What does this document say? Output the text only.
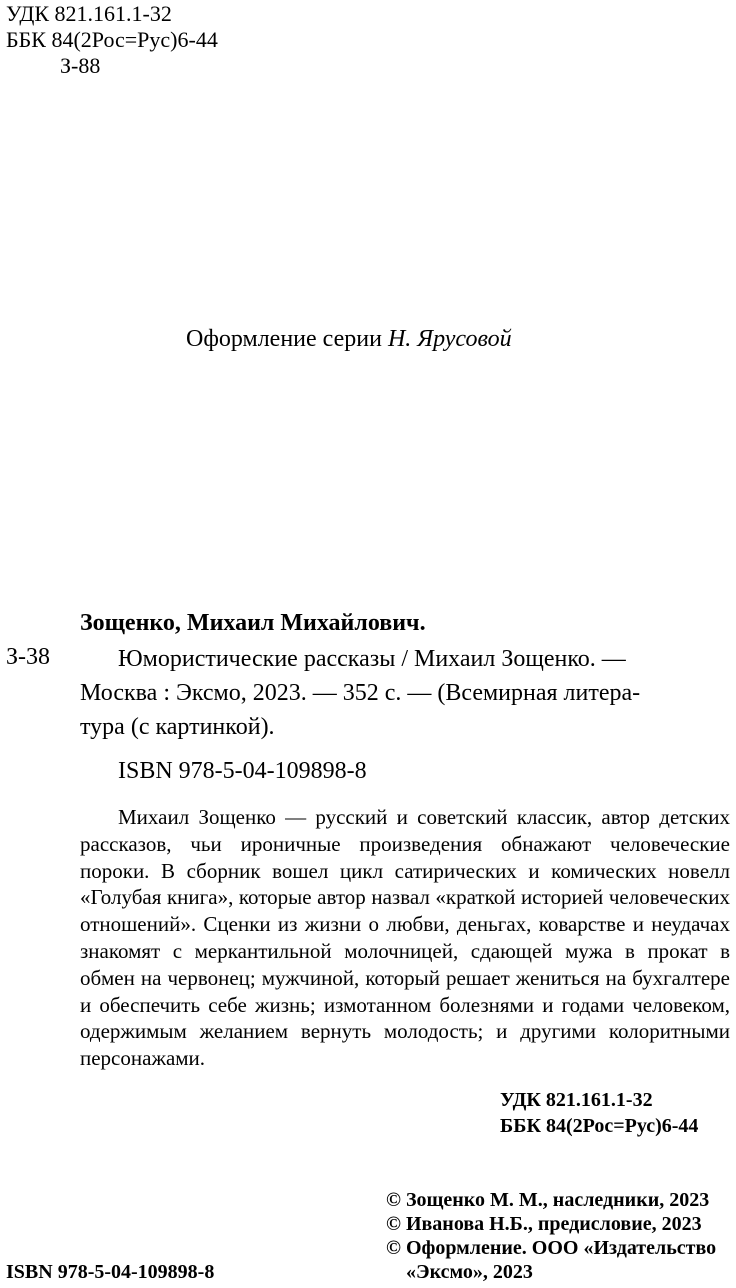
УДК 821.161.1-32
ББК 84(2Рос=Рус)6-44
З-88
Оформление серии Н. Ярусовой
Зощенко, Михаил Михайлович.
З-38	Юмористические рассказы / Михаил Зощенко. —
Москва : Эксмо, 2023. — 352 с. — (Всемирная литера-
тура (с картинкой).
ISBN 978-5-04-109898-8

Михаил Зощенко — русский и советский классик, автор детских рассказов, чьи ироничные произведения обнажают человеческие пороки. В сборник вошел цикл сатирических и комических новелл «Голубая книга», которые автор назвал «краткой историей человеческих отношений». Сценки из жизни о любви, деньгах, коварстве и неудачах знакомят с меркантильной молочницей, сдающей мужа в прокат в обмен на червонец; мужчиной, который решает жениться на бухгалтере и обеспечить себе жизнь; измотанном болезнями и годами человеком, одержимым желанием вернуть молодость; и другими колоритными персонажами.

УДК 821.161.1-32
ББК 84(2Рос=Рус)6-44
© Зощенко М. М., наследники, 2023
© Иванова Н.Б., предисловие, 2023
© Оформление. ООО «Издательство
«Эксмо», 2023
ISBN 978-5-04-109898-8
